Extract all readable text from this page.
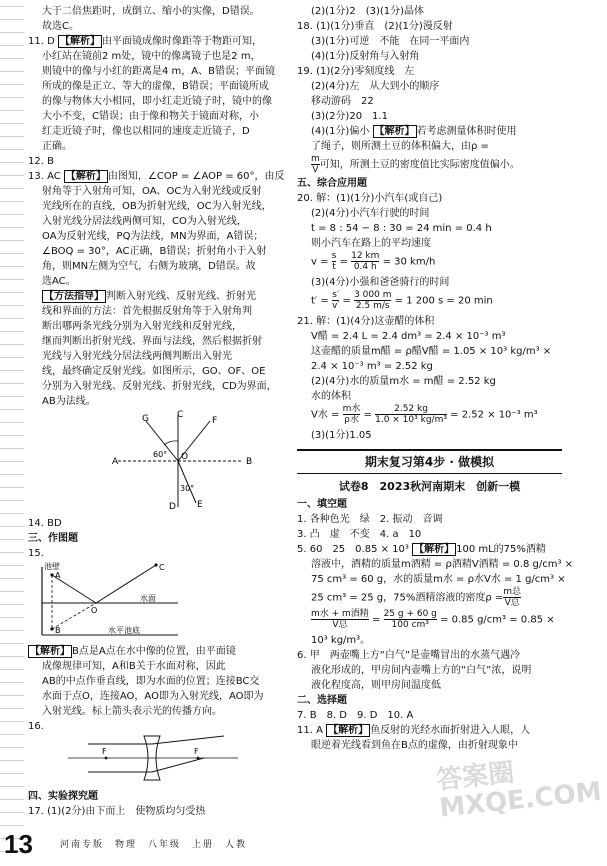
大于二倍焦距时，成倒立、缩小的实像，D错误。
故选C。
11. D 【解析】 由平面镜成像时像距等于物距可知，
小红站在镜前2 m处，镜中的像离镜子也是2 m，
则镜中的像与小红的距离是4 m，A、B错误；平面镜
所成的像是正立、等大的虚像，B错误；平面镜所成
的像与物体大小相同，即小红走近镜子时，镜中的像
大小不变，C错误；由于像和物关于镜面对称，小
红走近镜子时，像也以相同的速度走近镜子，D
正确。
12. B
13. AC 【解析】 由图知，∠COP = ∠AOP = 60°，由反
射角等于入射角可知，OA、OC为入射光线或反射
光线所在的直线，OB为折射光线，OC为入射光线，
入射光线分居法线两侧可知，CO为入射光线，
OA为反射光线，PQ为法线，MN为界面，A错误；
∠BOQ = 30°，AC正确，B错误；折射角小于入射
角，则MN左侧为空气，右侧为玻璃，D错误。故
选AC。
【方法指导】 判断入射光线、反射光线、折射光
线和界面的方法：首先根据反射角等于入射角判
断出哪两条光线分别为入射光线和反射光线，
继而判断出折射光线、界面与法线，然后根据折射
光线与入射光线分居法线两侧判断出入射光
线，最终确定反射光线。如图所示，GO、OF、OE
分别为入射光线、反射光线、折射光线，CD为界面，
AB为法线。
G	C
A	O	B
E
F
D
60°
30°
14. BD
三、作图题
15.
池壁
水面
水平池底
A
B
C
O
【解析】 B点是A点在水中像的位置，由平面镜
成像规律可知，A和B关于水面对称，因此
AB的中点作垂直线，即为水面的位置；连接BC交
水面于点O，连接AO，AO即为入射光线，AO即为
入射光线。标上箭头表示光的传播方向。
16.
F	F
四、实验探究题
17. (1)(2分)由下而上　使物质均匀受热
(2)(1分)2　(3)(1分)晶体
18. (1)(1分)垂直　(2)(1分)漫反射
(3)(1分)可逆　不能　在同一平面内
(4)(1分)反射角与入射角
19. (1)(2分)零刻度线　左
(2)(4分)左　从大到小的顺序
移动游码　22
(3)(2分)20　1.1
(4)(1分)偏小 【解析】 若考虑测量体积时使用
了绳子，则所测土豆的体积偏大，由ρ =
$\frac{m}{V}$ 可知，所测土豆的密度值比实际密度值偏小。
五、综合应用题
20. 解：(1)(1分)小汽车(或自己)
(2)(4分)小汽车行驶的时间
t = 8 : 54 − 8 : 30 = 24 min = 0.4 h
则小汽车在路上的平均速度
$v = \frac{s}{t} = \frac{12 km}{0.4 h} = 30$ km/h
(3)(4分)小强和爸爸骑行的时间
$t' = \frac{s'}{v'} = \frac{3 000 m}{2.5 m/s} = 1$ 200 s = 20 min
21. 解：(1)(4分)这壶醋的体积
V醋 = 2.4 L = 2.4 dm³ = 2.4 × 10⁻³ m³
这壶醋的质量m醋 = ρ醋V醋 = 1.05 × 10³ kg/m³ ×
2.4 × 10⁻³ m³ = 2.52 kg
(2)(4分)水的质量m水 = m醋 = 2.52 kg
水的体积
V水 = $\frac{\text{m水}}{\text{ρ水}} = \frac{2.52 kg}{\text{1.0 × 10³ kg/m³}} = 2.52 \times 10^{-3}$ m³
(3)(1分)1.05
期末复习第4步 · 做模拟
试卷8　2023秋河南期末　创新一模
一、填空题
1. 各种色光　绿　2. 振动　音调
3. 凸　虚　不变　4. a　10
5. 60　25　0.85 × 10³ 【解析】 100 mL的75%酒精
溶液中，酒精的质量m酒精 = ρ酒精V酒精 = 0.8 g/cm³ ×
75 cm³ = 60 g，水的质量m水 = ρ水V水 = 1 g/cm³ ×
25 cm³ = 25 g，75%酒精溶液的密度$\rho = \frac{\text{m总}}{\text{V总}}$
$\frac{\text{m水 + m酒精}}{\text{V总}} = \frac{25 g + 60 g}{\text{100 cm³}} = 0.85$ g/cm³ = 0.85 ×
10³ kg/m³。
6. 甲　两壶嘴上方“白气”是壶嘴冒出的水蒸气遇冷
液化形成的，甲房间内壶嘴上方的“白气”浓，说明
液化程度高，则甲房间温度低
二、选择题
7. B　8. D　9. D　10. A
11. A 【解析】 鱼反射的光经水面折射进入人眼，人
眼逆着光线看到鱼在B点的虚像，由折射现象中
答案圈 MXQE.COM
13	河南专版　物理　八年级　上册　人教
